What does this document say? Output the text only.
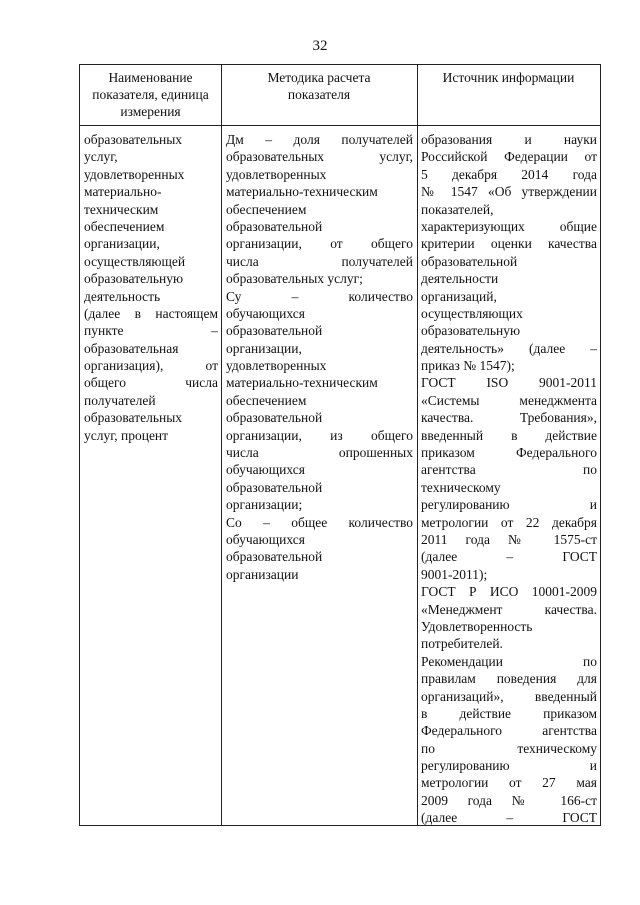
32
Наименование
показателя, единица
измерения
Методика расчета
показателя
Источник информации
образовательных
услуг,
удовлетворенных
материально-
техническим
обеспечением
организации,
осуществляющей
образовательную
деятельность
(далее в настоящем
пункте –
образовательная
организация), от
общего числа
получателей
образовательных
услуг, процент
Дм – доля получателей
образовательных услуг,
удовлетворенных
материально-техническим
обеспечением
образовательной
организации, от общего
числа получателей
образовательных услуг;
Су – количество
обучающихся
образовательной
организации,
удовлетворенных
материально-техническим
обеспечением
образовательной
организации, из общего
числа опрошенных
обучающихся
образовательной
организации;
Со – общее количество
обучающихся
образовательной
организации
образования и науки
Российской Федерации от
5 декабря 2014 года
№ 1547 «Об утверждении
показателей,
характеризующих общие
критерии оценки качества
образовательной
деятельности
организаций,
осуществляющих
образовательную
деятельность» (далее –
приказ № 1547);
ГОСТ ISO 9001-2011
«Системы менеджмента
качества. Требования»,
введенный в действие
приказом Федерального
агентства по
техническому
регулированию и
метрологии от 22 декабря
2011 года № 1575-ст
(далее – ГОСТ
9001-2011);
ГОСТ Р ИСО 10001-2009
«Менеджмент качества.
Удовлетворенность
потребителей.
Рекомендации по
правилам поведения для
организаций», введенный
в действие приказом
Федерального агентства
по техническому
регулированию и
метрологии от 27 мая
2009 года № 166-ст
(далее – ГОСТ
